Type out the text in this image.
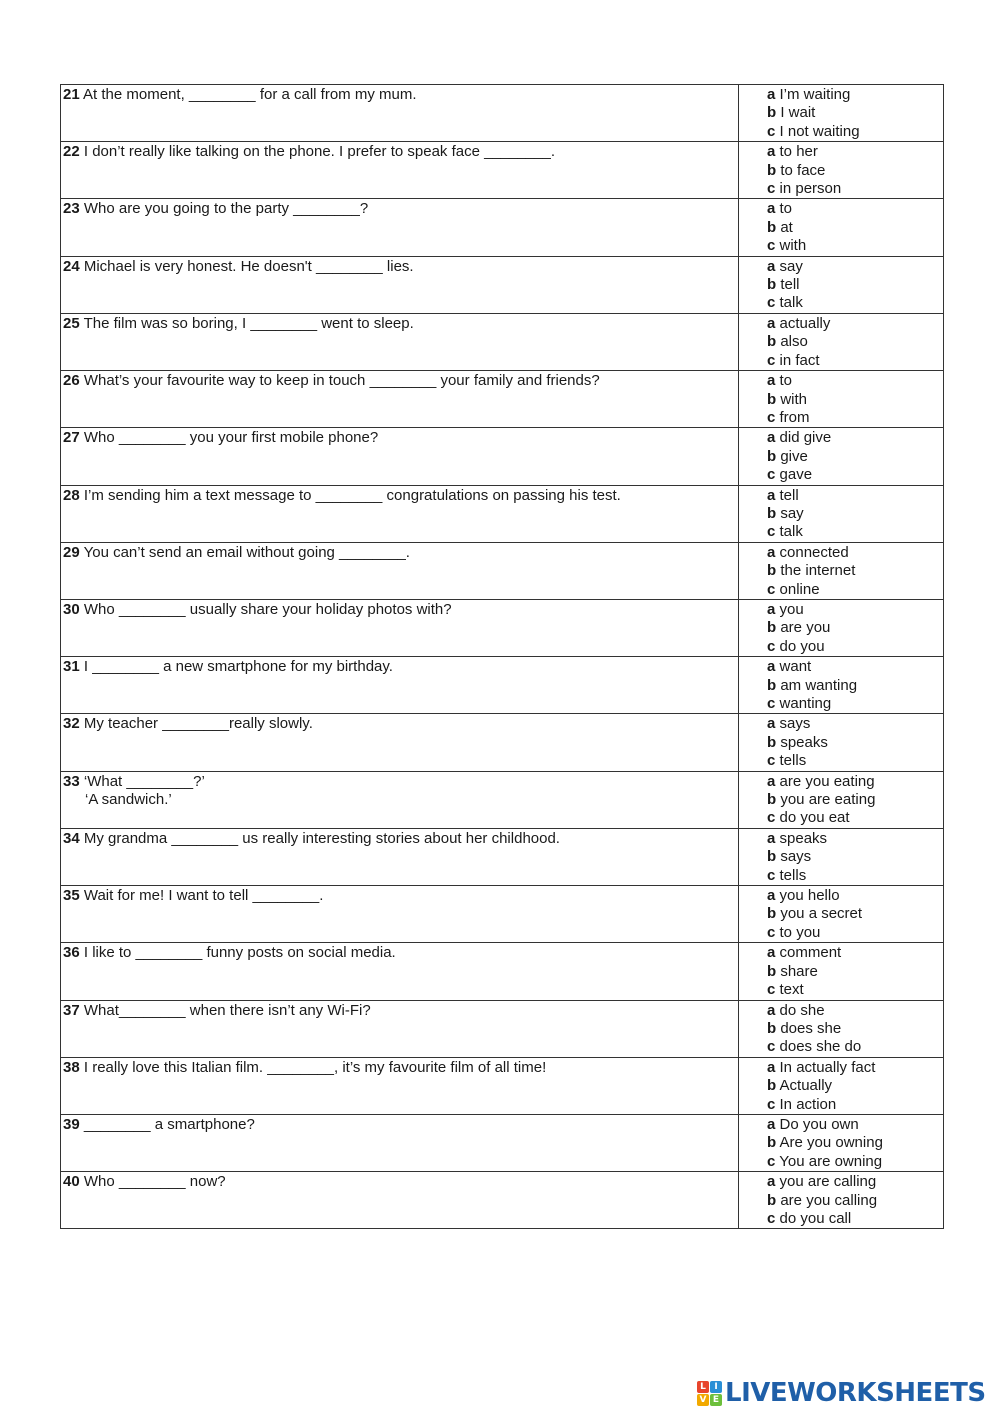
21 At the moment, ________ for a call from my mum.	a I’m waiting
b I wait
c I not waiting

22 I don’t really like talking on the phone. I prefer to speak face ________.	a to her
b to face
c in person

23 Who are you going to the party ________?	a to
b at
c with

24 Michael is very honest. He doesn't ________ lies.	a say
b tell
c talk

25 The film was so boring, I ________ went to sleep.	a actually
b also
c in fact

26 What’s your favourite way to keep in touch ________ your family and friends?	a to
b with
c from

27 Who ________ you your first mobile phone?	a did give
b give
c gave

28 I’m sending him a text message to ________ congratulations on passing his test.	a tell
b say
c talk

29 You can’t send an email without going ________.	a connected
b the internet
c online

30 Who ________ usually share your holiday photos with?	a you
b are you
c do you

31 I ________ a new smartphone for my birthday.	a want
b am wanting
c wanting

32 My teacher ________really slowly.	a says
b speaks
c tells

33 ‘What ________?’
‘A sandwich.’	a are you eating
b you are eating
c do you eat

34 My grandma ________ us really interesting stories about her childhood.	a speaks
b says
c tells

35 Wait for me! I want to tell ________.	a you hello
b you a secret
c to you

36 I like to ________ funny posts on social media.	a comment
b share
c text

37 What________ when there isn’t any Wi-Fi?	a do she
b does she
c does she do

38 I really love this Italian film. ________, it’s my favourite film of all time!	a In actually fact
b Actually
c In action

39 ________ a smartphone?	a Do you own
b Are you owning
c You are owning

40 Who ________ now?	a you are calling
b are you calling
c do you call
L I
V E LIVEWORKSHEETS
